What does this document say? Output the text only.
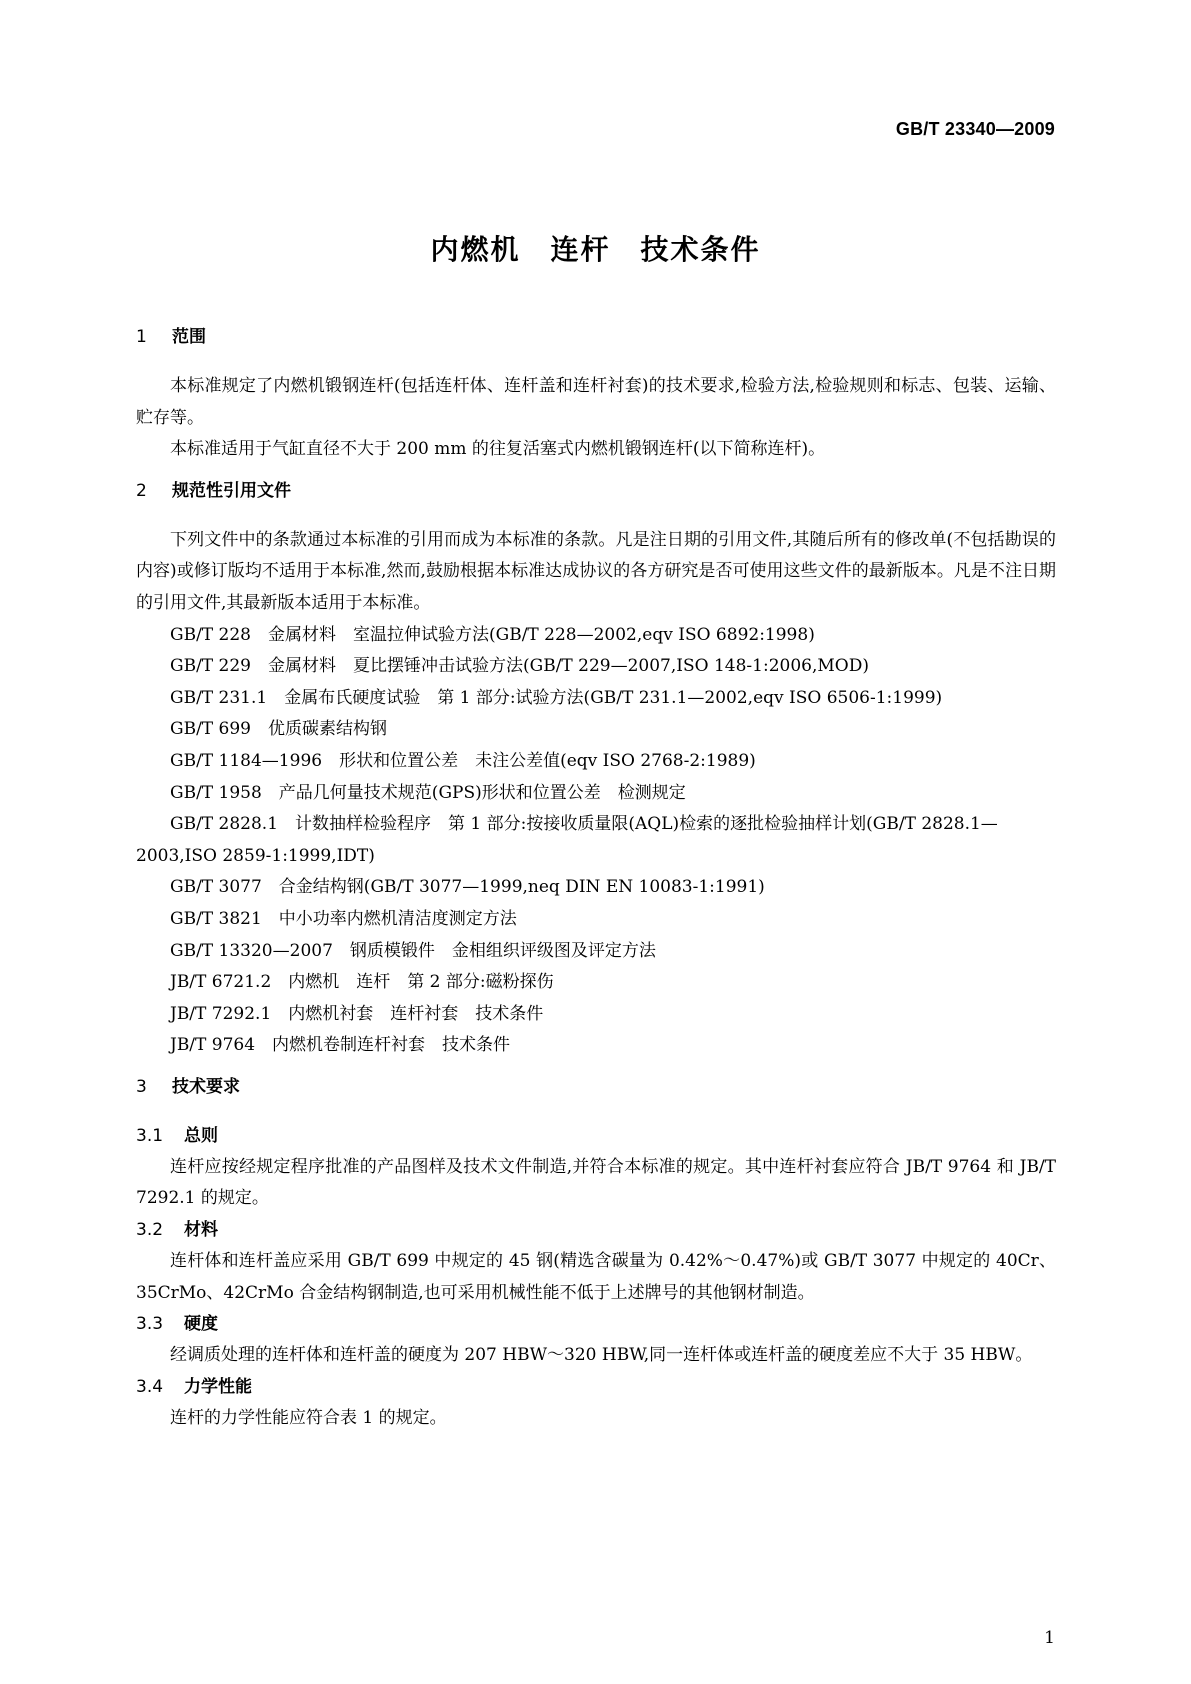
GB/T 23340—2009
内燃机　连杆　技术条件
1 范围

本标准规定了内燃机锻钢连杆(包括连杆体、连杆盖和连杆衬套)的技术要求,检验方法,检验规则和标志、包装、运输、贮存等。

本标准适用于气缸直径不大于 200 mm 的往复活塞式内燃机锻钢连杆(以下简称连杆)。

2 规范性引用文件

下列文件中的条款通过本标准的引用而成为本标准的条款。凡是注日期的引用文件,其随后所有的修改单(不包括勘误的内容)或修订版均不适用于本标准,然而,鼓励根据本标准达成协议的各方研究是否可使用这些文件的最新版本。凡是不注日期的引用文件,其最新版本适用于本标准。

GB/T 228　金属材料　室温拉伸试验方法(GB/T 228—2002,eqv ISO 6892:1998)

GB/T 229　金属材料　夏比摆锤冲击试验方法(GB/T 229—2007,ISO 148-1:2006,MOD)

GB/T 231.1　金属布氏硬度试验　第 1 部分:试验方法(GB/T 231.1—2002,eqv ISO 6506-1:1999)

GB/T 699　优质碳素结构钢

GB/T 1184—1996　形状和位置公差　未注公差值(eqv ISO 2768-2:1989)

GB/T 1958　产品几何量技术规范(GPS)形状和位置公差　检测规定

GB/T 2828.1　计数抽样检验程序　第 1 部分:按接收质量限(AQL)检索的逐批检验抽样计划(GB/T 2828.1—2003,ISO 2859-1:1999,IDT)

GB/T 3077　合金结构钢(GB/T 3077—1999,neq DIN EN 10083-1:1991)

GB/T 3821　中小功率内燃机清洁度测定方法

GB/T 13320—2007　钢质模锻件　金相组织评级图及评定方法

JB/T 6721.2　内燃机　连杆　第 2 部分:磁粉探伤

JB/T 7292.1　内燃机衬套　连杆衬套　技术条件

JB/T 9764　内燃机卷制连杆衬套　技术条件

3 技术要求
3.1 总则

连杆应按经规定程序批准的产品图样及技术文件制造,并符合本标准的规定。其中连杆衬套应符合 JB/T 9764 和 JB/T 7292.1 的规定。

3.2 材料

连杆体和连杆盖应采用 GB/T 699 中规定的 45 钢(精选含碳量为 0.42%～0.47%)或 GB/T 3077 中规定的 40Cr、35CrMo、42CrMo 合金结构钢制造,也可采用机械性能不低于上述牌号的其他钢材制造。

3.3 硬度

经调质处理的连杆体和连杆盖的硬度为 207 HBW～320 HBW,同一连杆体或连杆盖的硬度差应不大于 35 HBW。

3.4 力学性能

连杆的力学性能应符合表 1 的规定。

1
